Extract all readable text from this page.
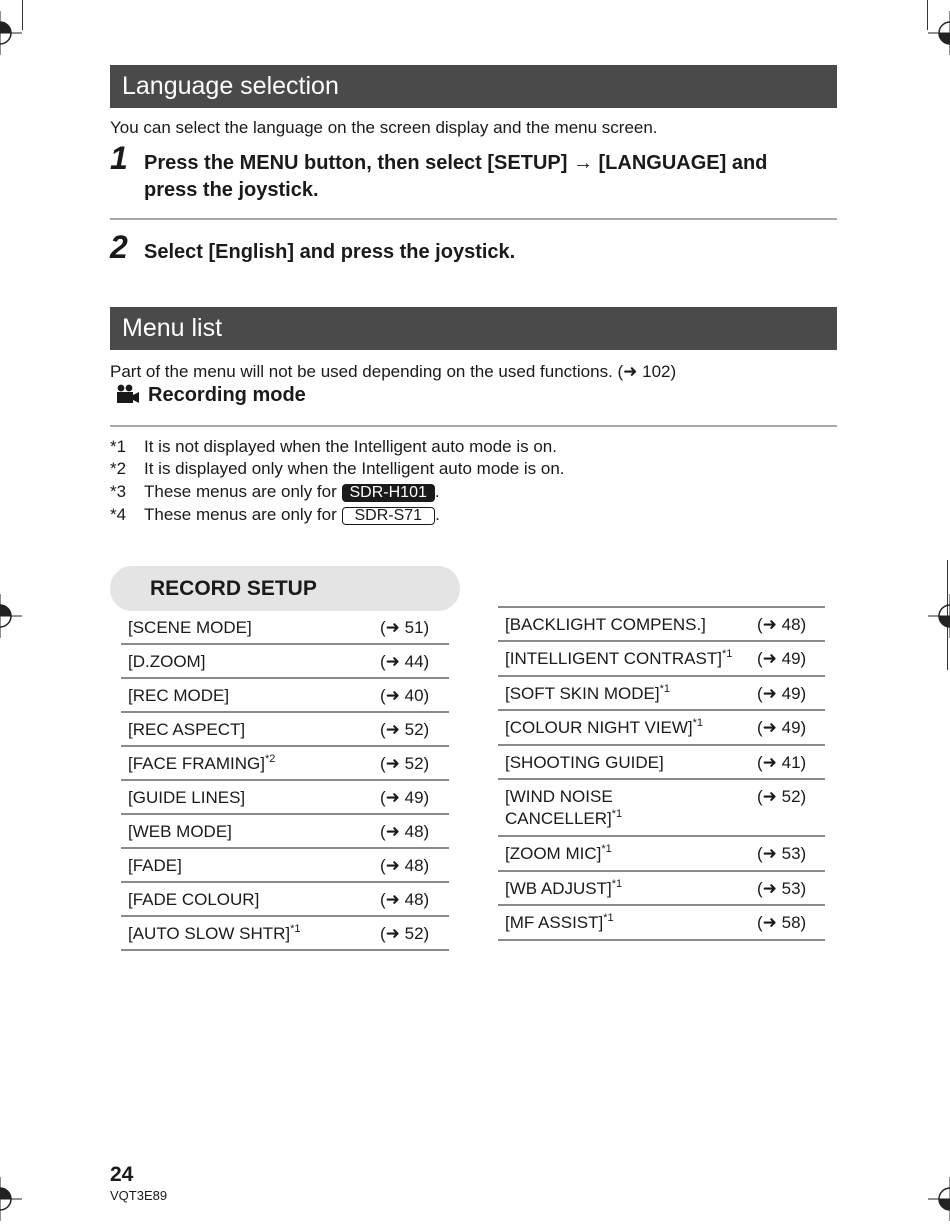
Language selection
You can select the language on the screen display and the menu screen.
1 Press the MENU button, then select [SETUP] → [LANGUAGE] and
press the joystick.
2 Select [English] and press the joystick.
Menu list
Part of the menu will not be used depending on the used functions. (➜ 102)
Recording mode
*1 It is not displayed when the Intelligent auto mode is on.
*2 It is displayed only when the Intelligent auto mode is on.
*3 These menus are only for SDR-H101 .
*4 These menus are only for SDR-S71 .
RECORD SETUP
[SCENE MODE]	(➜ 51)
[D.ZOOM]	(➜ 44)
[REC MODE]	(➜ 40)
[REC ASPECT]	(➜ 52)
[FACE FRAMING]$^{*2}$	(➜ 52)
[GUIDE LINES]	(➜ 49)
[WEB MODE]	(➜ 48)
[FADE]	(➜ 48)
[FADE COLOUR]	(➜ 48)
[AUTO SLOW SHTR]$^{*1}$	(➜ 52)
[BACKLIGHT COMPENS.]	(➜ 48)
[INTELLIGENT CONTRAST]$^{*1}$ (➜ 49)
[SOFT SKIN MODE]$^{*1}$	(➜ 49)
[COLOUR NIGHT VIEW]$^{*1}$	(➜ 49)
[SHOOTING GUIDE]	(➜ 41)
[WIND NOISE
CANCELLER]$^{*1}$
(➜ 52)
[ZOOM MIC]$^{*1}$	(➜ 53)
[WB ADJUST]$^{*1}$	(➜ 53)
[MF ASSIST]$^{*1}$	(➜ 58)
24
VQT3E89
